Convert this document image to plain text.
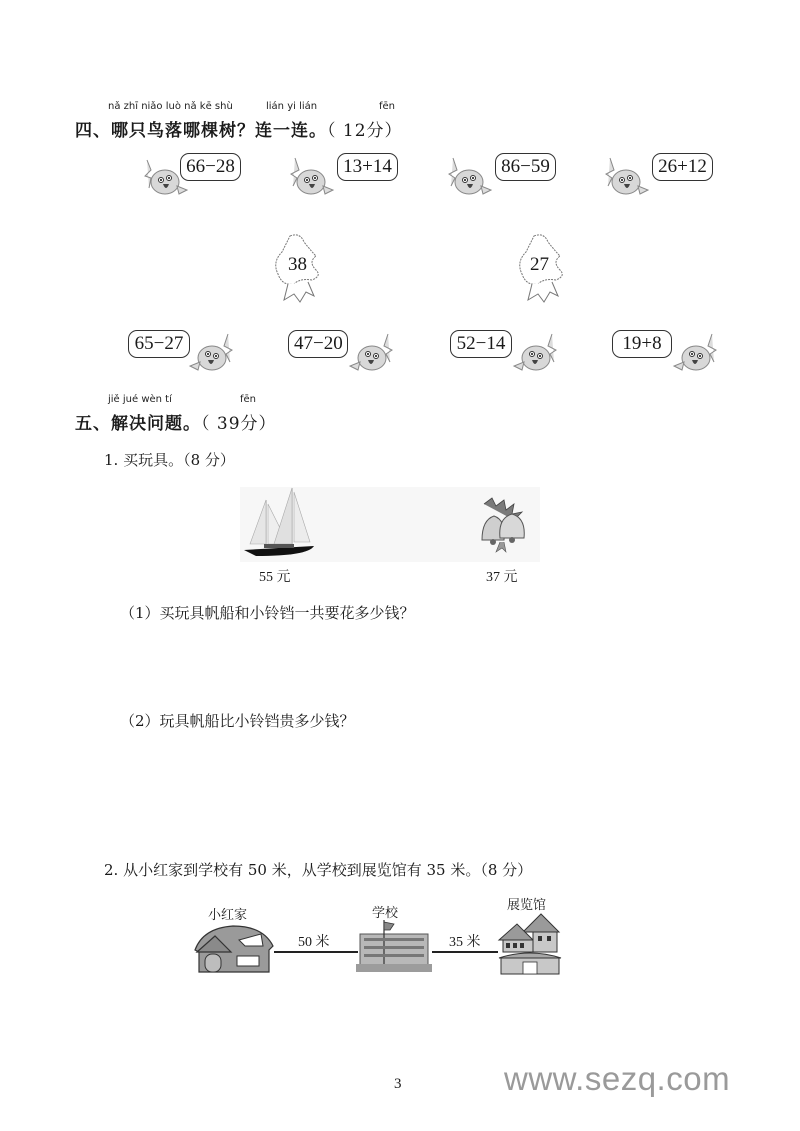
nǎ zhī niǎo luò nǎ kē shù	lián yi lián	fēn
四、哪只鸟落哪棵树？连一连。（ 12分）
66−28	13+14	86−59	26+12
38	27
65−27	47−20	52−14	19+8
jiě jué wèn tí	fēn
五、解决问题。（ 39分）
1. 买玩具。（8 分）
55 元	37 元
（1）买玩具帆船和小铃铛一共要花多少钱？
（2）玩具帆船比小铃铛贵多少钱？
2. 从小红家到学校有 50 米，从学校到展览馆有 35 米。（8 分）
小红家
50 米
学校
35 米
展览馆
3	www.sezq.com
